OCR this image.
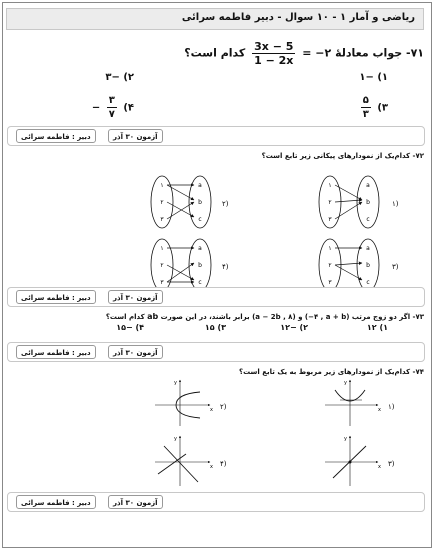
ریاضی و آمار ۱ - ۱۰ سوال - دبیر فاطمه سرائی
۷۱- جواب معادلهٔ = −۲
$\frac{3x - 5}{1 - 2x}$
کدام است؟
۱) −۱
۲) −۳
۳)
$\frac{۵}{۳}$
۴)
$\frac{۳}{۷}$
−
آزمون ۳۰ آذر
دبیر : فاطمه سرائی
۷۲- کدام‌یک از نمودارهای پیکانی زیر تابع است؟
۱
۲
۳
a
b
c
۱)
۱
۲
۳
a
b
c
۲)
۱
۲
۳
a
b
c
۳)
۱
۲
۳
a
b
c
۴)
آزمون ۳۰ آذر
دبیر : فاطمه سرائی
۷۳- اگر دو زوج مرتب (−۴ , a + b) و (a − 2b , ۸) برابر باشند، در این صورت ab کدام است؟
۱) ۱۲
۲) −۱۲
۳) ۱۵
۴) −۱۵
آزمون ۳۰ آذر
دبیر : فاطمه سرائی
۷۴- کدام‌یک از نمودارهای زیر مربوط به یک تابع است؟
x
y
۱)
x
y
۲)
x
y
۳)
x
y
۴)
آزمون ۳۰ آذر
دبیر : فاطمه سرائی
